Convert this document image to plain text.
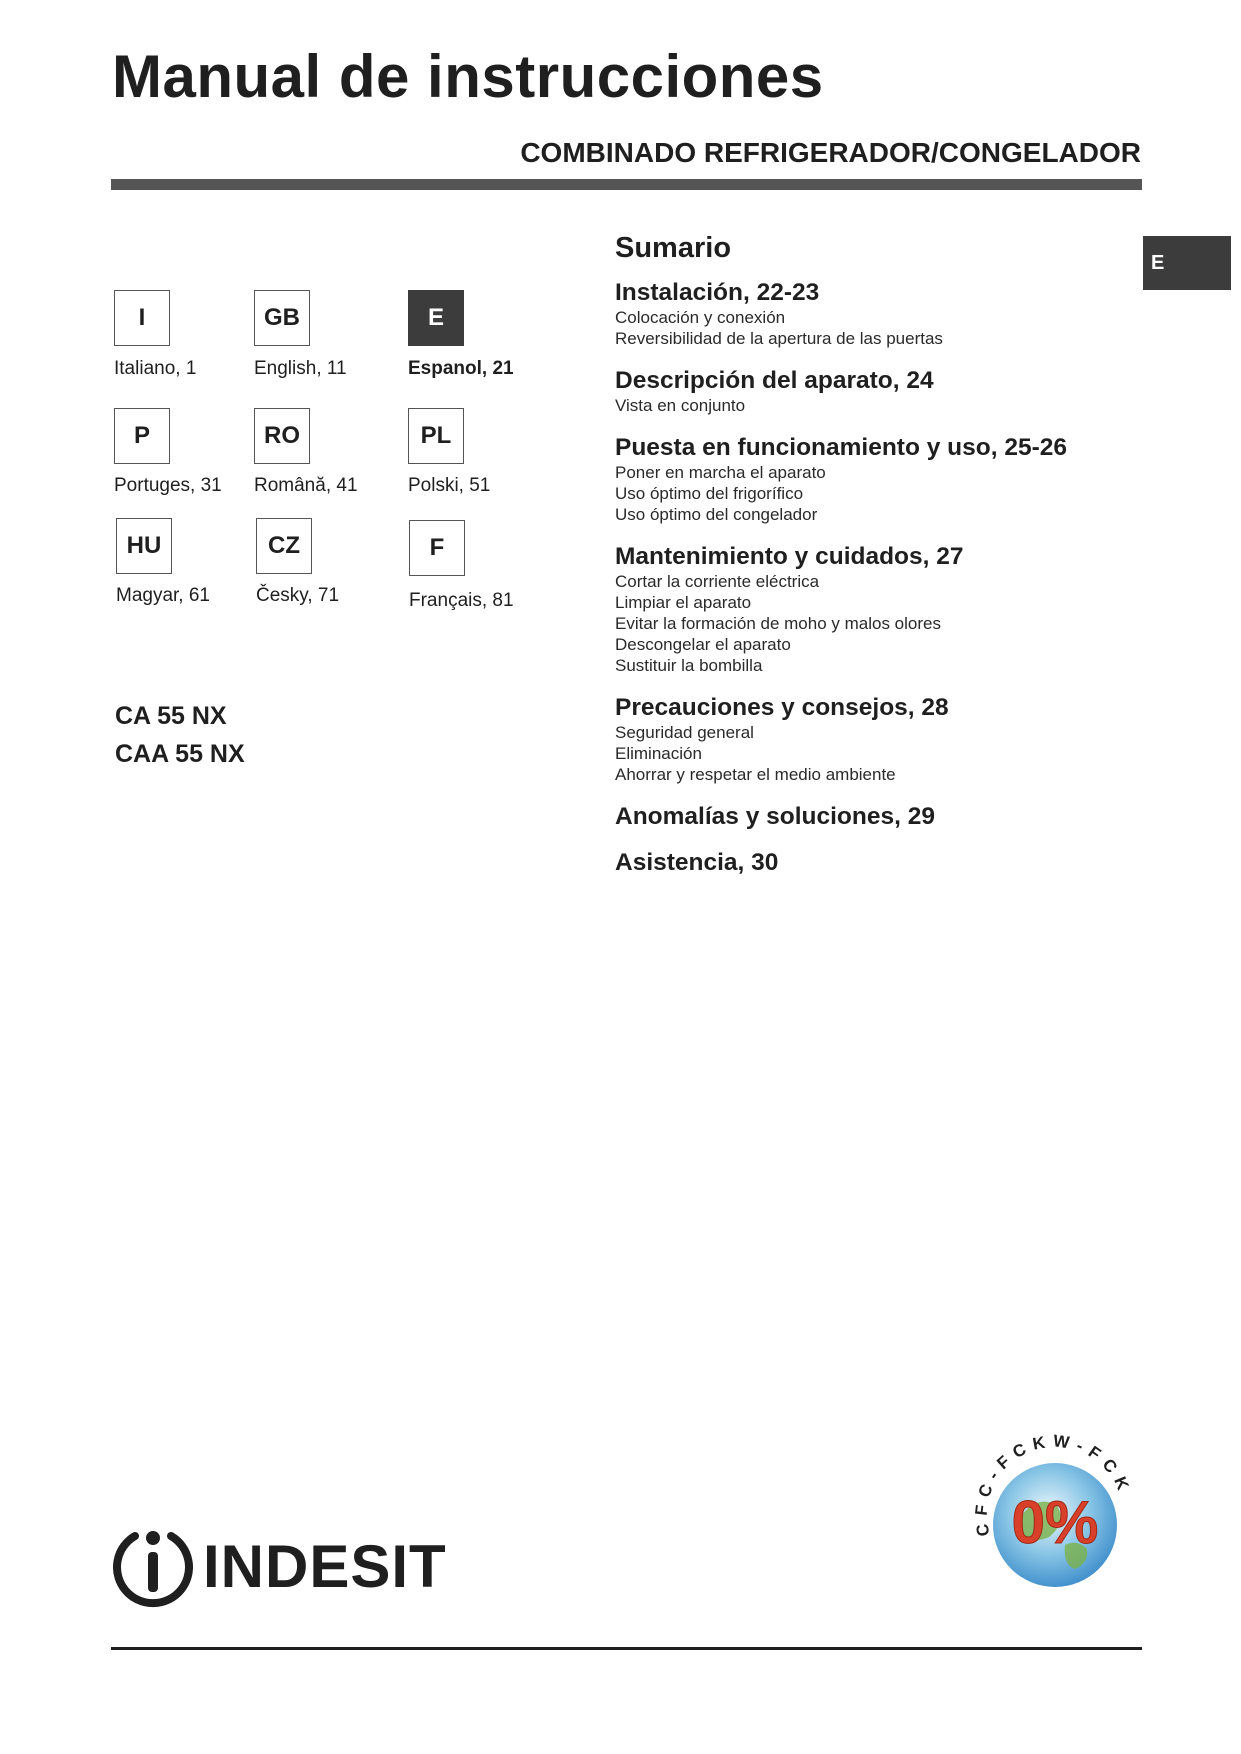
Manual de instrucciones
COMBINADO REFRIGERADOR/CONGELADOR
E
I
Italiano, 1
GB
English, 11
E
Espanol, 21
P
Portuges, 31
RO
Română, 41
PL
Polski, 51
HU
Magyar, 61
CZ
Česky, 71
F
Français, 81
CA 55 NX
CAA 55 NX
Sumario
Instalación, 22-23
Colocación y conexión
Reversibilidad de la apertura de las puertas
Descripción del aparato, 24
Vista en conjunto
Puesta en funcionamiento y uso, 25-26
Poner en marcha el aparato
Uso óptimo del frigorífico
Uso óptimo del congelador
Mantenimiento y cuidados, 27
Cortar la corriente eléctrica
Limpiar el aparato
Evitar la formación de moho y malos olores
Descongelar el aparato
Sustituir la bombilla
Precauciones y consejos, 28
Seguridad general
Eliminación
Ahorrar y respetar el medio ambiente
Anomalías y soluciones, 29
Asistencia, 30
INDESIT
0%
CFC-FCKW-FCK
